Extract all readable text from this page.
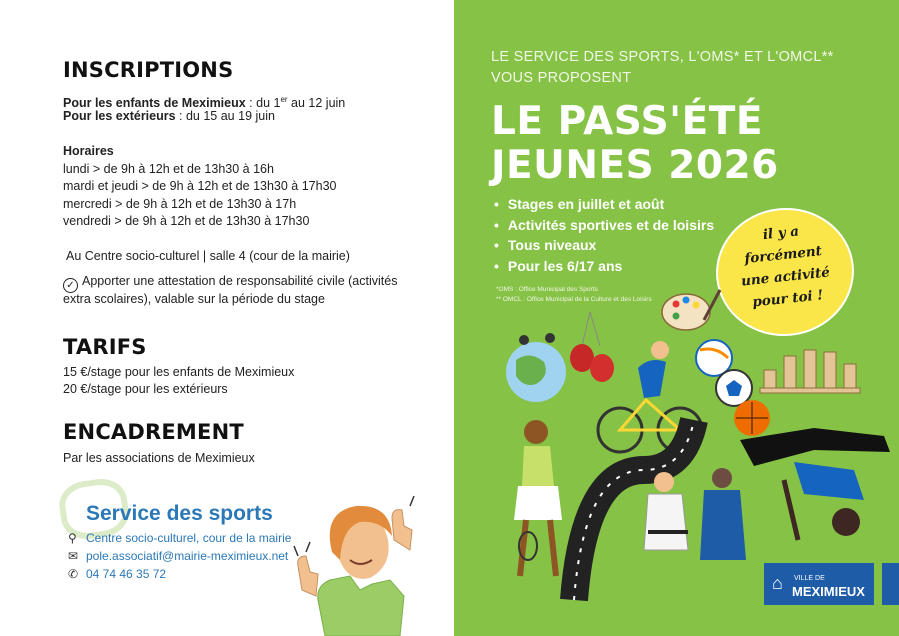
INSCRIPTIONS
Pour les enfants de Meximieux : du 1er au 12 juin
Pour les extérieurs : du 15 au 19 juin
Horaires
lundi > de 9h à 12h et de 13h30 à 16h
mardi et jeudi > de 9h à 12h et de 13h30 à 17h30
mercredi > de 9h à 12h et de 13h30 à 17h
vendredi > de 9h à 12h et de 13h30 à 17h30
Au Centre socio-culturel | salle 4 (cour de la mairie)
✓ Apporter une attestation de responsabilité civile (activités
extra scolaires), valable sur la période du stage
TARIFS
15 €/stage pour les enfants de Meximieux
20 €/stage pour les extérieurs
ENCADREMENT
Par les associations de Meximieux
Service des sports
⚲ Centre socio-culturel, cour de la mairie
✉ pole.associatif@mairie-meximieux.net
✆ 04 74 46 35 72
LE SERVICE DES SPORTS, L'OMS* ET L'OMCL**
VOUS PROPOSENT
LE PASS'ÉTÉ
JEUNES 2026
• Stages en juillet et août
• Activités sportives et de loisirs
• Tous niveaux
• Pour les 6/17 ans
*OMS : Office Municipal des Sports
** OMCL : Office Municipal de la Culture et des Loisirs
il y a
forcément
une activité
pour toi !
⌂ VILLE DE
MEXIMIEUX
